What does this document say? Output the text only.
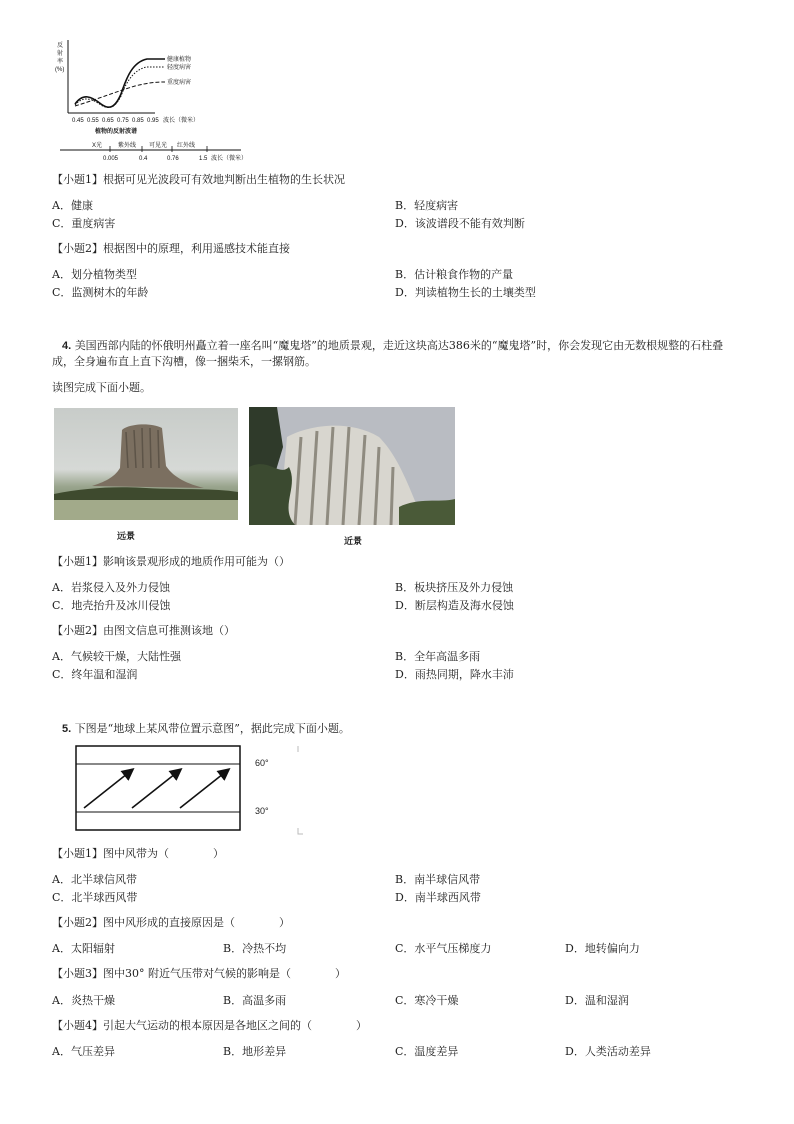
反
射
率
(%)
健康植物
轻度病害
重度病害
0.45 0.55 0.65 0.75 0.85 0.95 波长（微米）
植物的反射波谱
X光	紫外线 可见光 红外线
0.005	0.4	0.76	1.5 波长（微米）
【小题1】根据可见光波段可有效地判断出生植物的生长状况
A．健康	B．轻度病害
C．重度病害	D．该波谱段不能有效判断
【小题2】根据图中的原理，利用遥感技术能直接
A．划分植物类型	B．估计粮食作物的产量
C．监测树木的年龄	D．判读植物生长的土壤类型
4. 美国西部内陆的怀俄明州矗立着一座名叫“魔鬼塔”的地质景观，走近这块高达386米的“魔鬼塔”时，你会发现它由无数根规整的石柱叠成，全身遍布直上直下沟槽，像一捆柴禾，一摞钢筋。
读图完成下面小题。
远景	近景
【小题1】影响该景观形成的地质作用可能为（）
A．岩浆侵入及外力侵蚀	B．板块挤压及外力侵蚀
C．地壳抬升及冰川侵蚀	D．断层构造及海水侵蚀
【小题2】由图文信息可推测该地（）
A．气候较干燥，大陆性强	B．全年高温多雨
C．终年温和湿润	D．雨热同期，降水丰沛
5. 下图是“地球上某风带位置示意图”，据此完成下面小题。
60°
30°
【小题1】图中风带为（　　　　）
A．北半球信风带	B．南半球信风带
C．北半球西风带	D．南半球西风带
【小题2】图中风形成的直接原因是（　　　　）
A．太阳辐射	B．冷热不均	C．水平气压梯度力	D．地转偏向力
【小题3】图中30° 附近气压带对气候的影响是（　　　　）
A．炎热干燥	B．高温多雨	C．寒冷干燥	D．温和湿润
【小题4】引起大气运动的根本原因是各地区之间的（　　　　）
A．气压差异	B．地形差异	C．温度差异	D．人类活动差异
